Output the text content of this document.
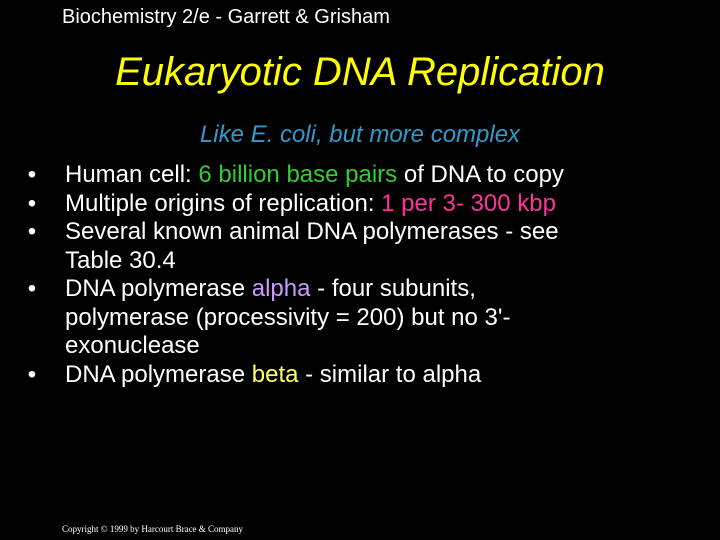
Biochemistry 2/e - Garrett & Grisham
Eukaryotic DNA Replication
Like E. coli, but more complex
• Human cell: 6 billion base pairs of DNA to copy
• Multiple origins of replication: 1 per 3- 300 kbp
• Several known animal DNA polymerases - see
Table 30.4
• DNA polymerase alpha - four subunits,
polymerase (processivity = 200) but no 3'-
exonuclease
• DNA polymerase beta - similar to alpha
Copyright © 1999 by Harcourt Brace & Company
